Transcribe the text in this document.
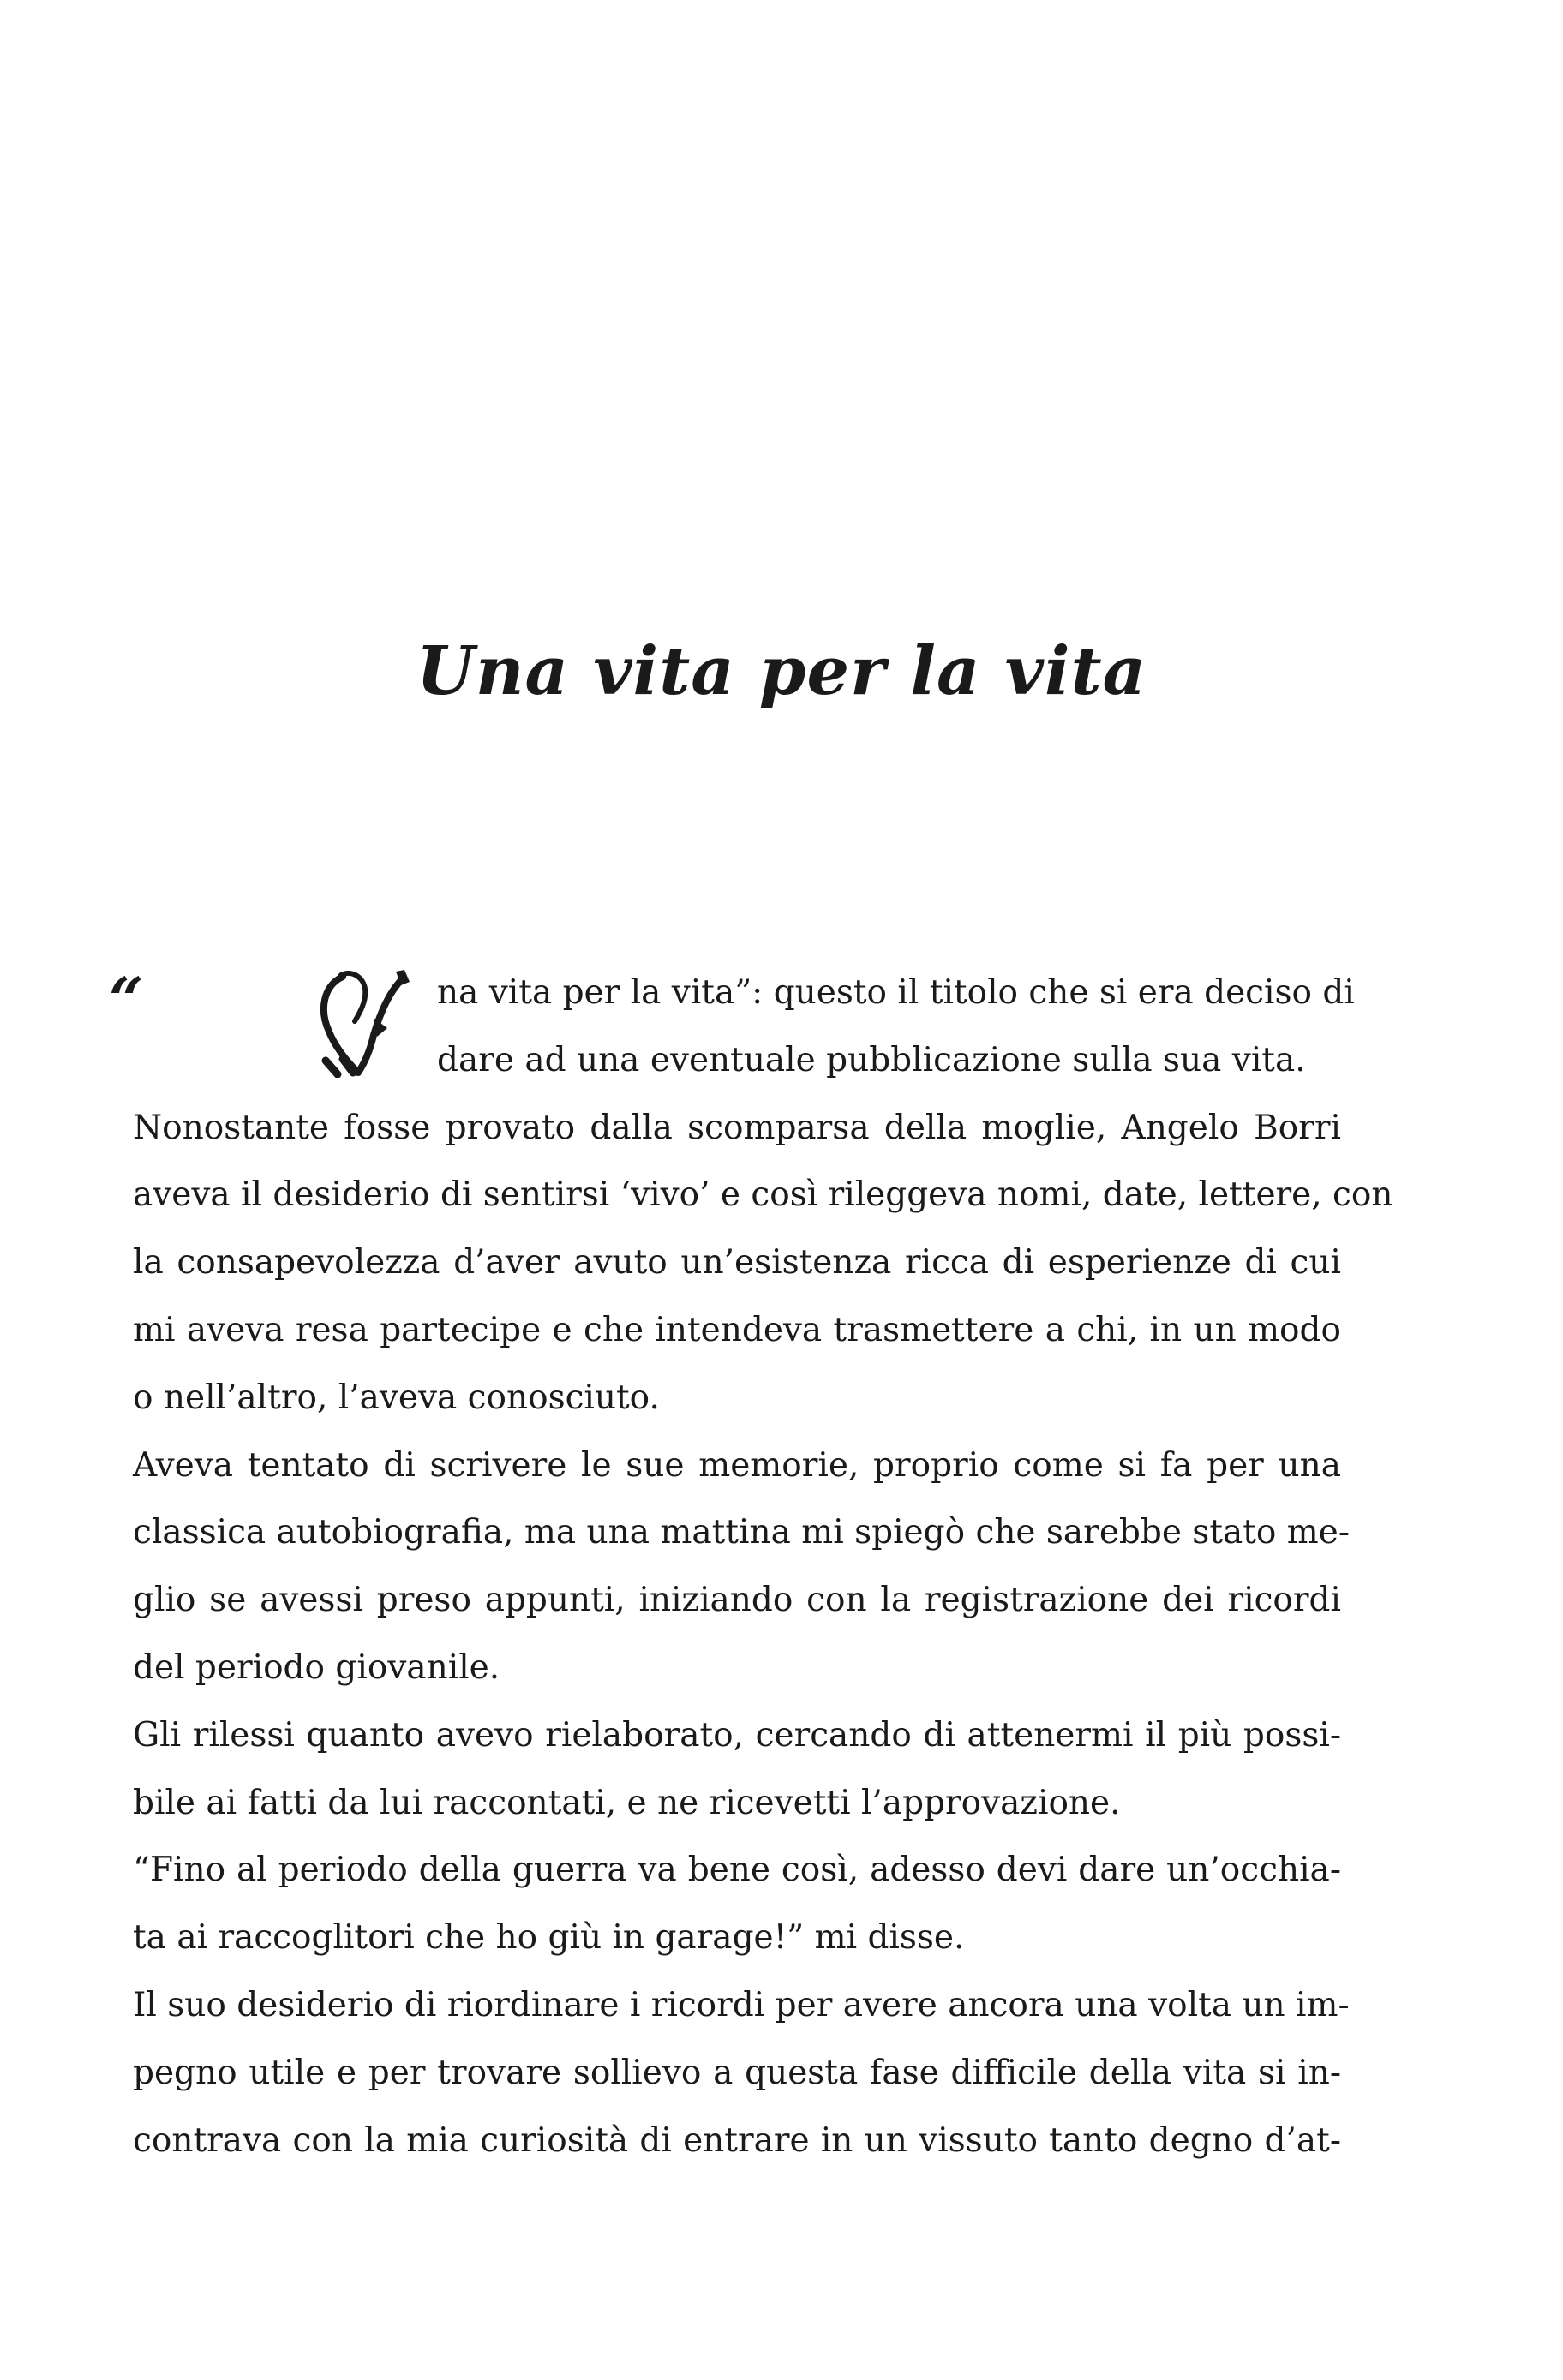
Una vita per la vita
“	na vita per la vita”: questo il titolo che si era deciso di
dare ad una eventuale pubblicazione sulla sua vita.
Nonostante fosse provato dalla scomparsa della moglie, Angelo Borri
aveva il desiderio di sentirsi ‘vivo’ e così rileggeva nomi, date, lettere, con
la consapevolezza d’aver avuto un’esistenza ricca di esperienze di cui
mi aveva resa partecipe e che intendeva trasmettere a chi, in un modo
o nell’altro, l’aveva conosciuto.
Aveva tentato di scrivere le sue memorie, proprio come si fa per una
classica autobiografia, ma una mattina mi spiegò che sarebbe stato me-
glio se avessi preso appunti, iniziando con la registrazione dei ricordi
del periodo giovanile.
Gli rilessi quanto avevo rielaborato, cercando di attenermi il più possi-
bile ai fatti da lui raccontati, e ne ricevetti l’approvazione.
“Fino al periodo della guerra va bene così, adesso devi dare un’occhia-
ta ai raccoglitori che ho giù in garage!” mi disse.
Il suo desiderio di riordinare i ricordi per avere ancora una volta un im-
pegno utile e per trovare sollievo a questa fase difficile della vita si in-
contrava con la mia curiosità di entrare in un vissuto tanto degno d’at-
